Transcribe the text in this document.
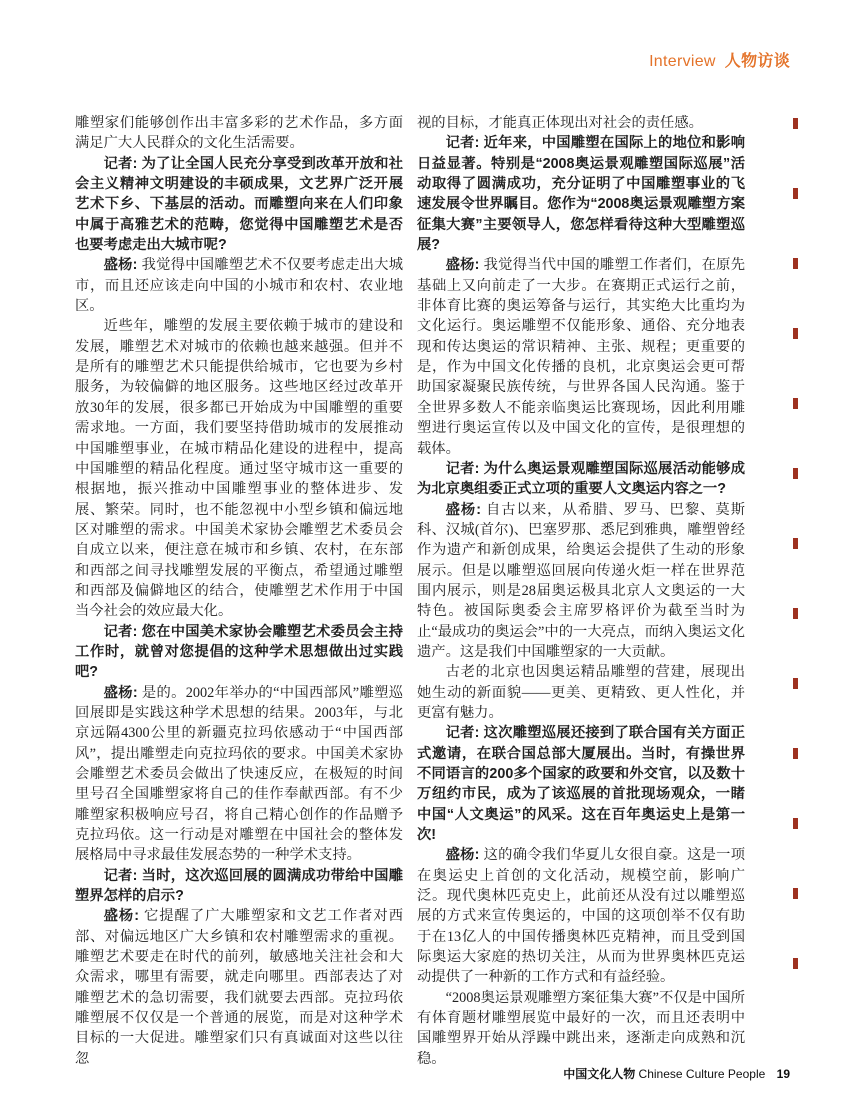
Interview 人物访谈

雕塑家们能够创作出丰富多彩的艺术作品，多方面满足广大人民群众的文化生活需要。

记者: 为了让全国人民充分享受到改革开放和社会主义精神文明建设的丰硕成果，文艺界广泛开展艺术下乡、下基层的活动。而雕塑向来在人们印象中属于高雅艺术的范畴，您觉得中国雕塑艺术是否也要考虑走出大城市呢?

盛杨: 我觉得中国雕塑艺术不仅要考虑走出大城市，而且还应该走向中国的小城市和农村、农业地区。

近些年，雕塑的发展主要依赖于城市的建设和发展，雕塑艺术对城市的依赖也越来越强。但并不是所有的雕塑艺术只能提供给城市，它也要为乡村服务，为较偏僻的地区服务。这些地区经过改革开放30年的发展，很多都已开始成为中国雕塑的重要需求地。一方面，我们要坚持借助城市的发展推动中国雕塑事业，在城市精品化建设的进程中，提高中国雕塑的精品化程度。通过坚守城市这一重要的根据地，振兴推动中国雕塑事业的整体进步、发展、繁荣。同时，也不能忽视中小型乡镇和偏远地区对雕塑的需求。中国美术家协会雕塑艺术委员会自成立以来，便注意在城市和乡镇、农村，在东部和西部之间寻找雕塑发展的平衡点，希望通过雕塑和西部及偏僻地区的结合，使雕塑艺术作用于中国当今社会的效应最大化。

记者: 您在中国美术家协会雕塑艺术委员会主持工作时，就曾对您提倡的这种学术思想做出过实践吧?

盛杨: 是的。2002年举办的“中国西部风”雕塑巡回展即是实践这种学术思想的结果。2003年，与北京远隔4300公里的新疆克拉玛依感动于“中国西部风”，提出雕塑走向克拉玛依的要求。中国美术家协会雕塑艺术委员会做出了快速反应，在极短的时间里号召全国雕塑家将自己的佳作奉献西部。有不少雕塑家积极响应号召，将自己精心创作的作品赠予克拉玛依。这一行动是对雕塑在中国社会的整体发展格局中寻求最佳发展态势的一种学术支持。

记者: 当时，这次巡回展的圆满成功带给中国雕塑界怎样的启示?

盛杨: 它提醒了广大雕塑家和文艺工作者对西部、对偏远地区广大乡镇和农村雕塑需求的重视。雕塑艺术要走在时代的前列，敏感地关注社会和大众需求，哪里有需要，就走向哪里。西部表达了对雕塑艺术的急切需要，我们就要去西部。克拉玛依雕塑展不仅仅是一个普通的展览，而是对这种学术目标的一大促进。雕塑家们只有真诚面对这些以往忽

视的目标，才能真正体现出对社会的责任感。

记者: 近年来，中国雕塑在国际上的地位和影响日益显著。特别是“2008奥运景观雕塑国际巡展”活动取得了圆满成功，充分证明了中国雕塑事业的飞速发展令世界瞩目。您作为“2008奥运景观雕塑方案征集大赛”主要领导人，您怎样看待这种大型雕塑巡展?

盛杨: 我觉得当代中国的雕塑工作者们，在原先基础上又向前走了一大步。在赛期正式运行之前，非体育比赛的奥运筹备与运行，其实绝大比重均为文化运行。奥运雕塑不仅能形象、通俗、充分地表现和传达奥运的常识精神、主张、规程；更重要的是，作为中国文化传播的良机，北京奥运会更可帮助国家凝聚民族传统，与世界各国人民沟通。鉴于全世界多数人不能亲临奥运比赛现场，因此利用雕塑进行奥运宣传以及中国文化的宣传，是很理想的载体。

记者: 为什么奥运景观雕塑国际巡展活动能够成为北京奥组委正式立项的重要人文奥运内容之一?

盛杨: 自古以来，从希腊、罗马、巴黎、莫斯科、汉城(首尔)、巴塞罗那、悉尼到雅典，雕塑曾经作为遗产和新创成果，给奥运会提供了生动的形象展示。但是以雕塑巡回展向传递火炬一样在世界范围内展示，则是28届奥运极具北京人文奥运的一大特色。被国际奥委会主席罗格评价为截至当时为止“最成功的奥运会”中的一大亮点，而纳入奥运文化遗产。这是我们中国雕塑家的一大贡献。

古老的北京也因奥运精品雕塑的营建，展现出她生动的新面貌——更美、更精致、更人性化，并更富有魅力。

记者: 这次雕塑巡展还接到了联合国有关方面正式邀请，在联合国总部大厦展出。当时，有操世界不同语言的200多个国家的政要和外交官，以及数十万纽约市民，成为了该巡展的首批现场观众，一睹中国“人文奥运”的风采。这在百年奥运史上是第一次!

盛杨: 这的确令我们华夏儿女很自豪。这是一项在奥运史上首创的文化活动，规模空前，影响广泛。现代奥林匹克史上，此前还从没有过以雕塑巡展的方式来宣传奥运的，中国的这项创举不仅有助于在13亿人的中国传播奥林匹克精神，而且受到国际奥运大家庭的热切关注，从而为世界奥林匹克运动提供了一种新的工作方式和有益经验。

“2008奥运景观雕塑方案征集大赛”不仅是中国所有体育题材雕塑展览中最好的一次，而且还表明中国雕塑界开始从浮躁中跳出来，逐渐走向成熟和沉稳。

中国文化人物 Chinese Culture People 19
